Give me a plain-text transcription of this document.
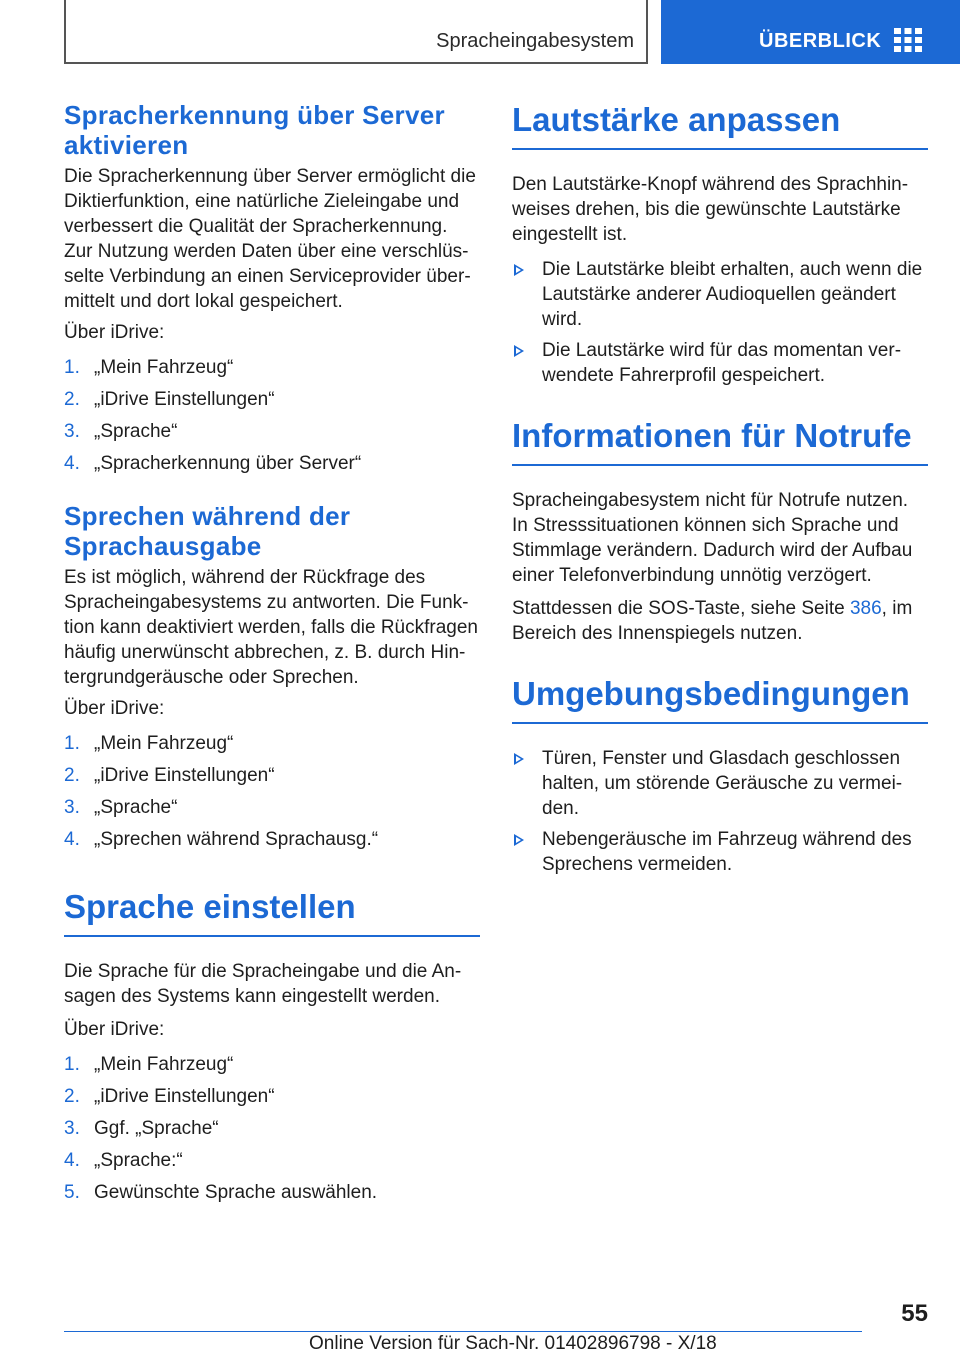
Spracheingabesystem	ÜBERBLICK
Spracherkennung über Server aktivieren

Die Spracherkennung über Server ermöglicht die Diktierfunktion, eine natürliche Zieleingabe und verbessert die Qualität der Spracherkennung. Zur Nutzung werden Daten über eine verschlüsselte Verbindung an einen Serviceprovider übermittelt und dort lokal gespeichert.

Über iDrive:

1. „Mein Fahrzeug“
2. „iDrive Einstellungen“
3. „Sprache“
4. „Spracherkennung über Server“
Sprechen während der Sprachausgabe

Es ist möglich, während der Rückfrage des Spracheingabesystems zu antworten. Die Funktion kann deaktiviert werden, falls die Rückfragen häufig unerwünscht abbrechen, z. B. durch Hintergrundgeräusche oder Sprechen.

Über iDrive:

1. „Mein Fahrzeug“
2. „iDrive Einstellungen“
3. „Sprache“
4. „Sprechen während Sprachausg.“
Sprache einstellen

Die Sprache für die Spracheingabe und die Ansagen des Systems kann eingestellt werden.

Über iDrive:

1. „Mein Fahrzeug“
2. „iDrive Einstellungen“
3. Ggf. „Sprache“
4. „Sprache:“
5. Gewünschte Sprache auswählen.
Lautstärke anpassen

Den Lautstärke-Knopf während des Sprachhinweises drehen, bis die gewünschte Lautstärke eingestellt ist.

Die Lautstärke bleibt erhalten, auch wenn die Lautstärke anderer Audioquellen geändert wird.
Die Lautstärke wird für das momentan verwendete Fahrerprofil gespeichert.
Informationen für Notrufe

Spracheingabesystem nicht für Notrufe nutzen. In Stresssituationen können sich Sprache und Stimmlage verändern. Dadurch wird der Aufbau einer Telefonverbindung unnötig verzögert.

Stattdessen die SOS-Taste, siehe Seite 386, im Bereich des Innenspiegels nutzen.

Umgebungsbedingungen
Türen, Fenster und Glasdach geschlossen halten, um störende Geräusche zu vermeiden.
Nebengeräusche im Fahrzeug während des Sprechens vermeiden.
55
Online Version für Sach-Nr. 01402896798 - X/18
